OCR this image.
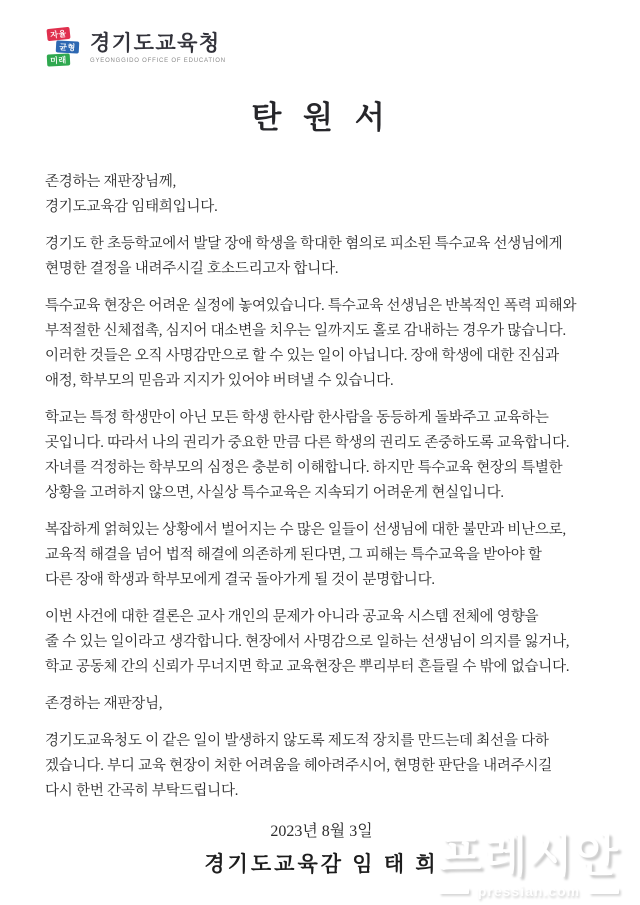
자율
균형
미래
경기도교육청
GYEONGGIDO OFFICE OF EDUCATION
탄 원 서
존경하는 재판장님께,
경기도교육감 임태희입니다.
경기도 한 초등학교에서 발달 장애 학생을 학대한 혐의로 피소된 특수교육 선생님에게
현명한 결정을 내려주시길 호소드리고자 합니다.
특수교육 현장은 어려운 실정에 놓여있습니다. 특수교육 선생님은 반복적인 폭력 피해와
부적절한 신체접촉, 심지어 대소변을 치우는 일까지도 홀로 감내하는 경우가 많습니다.
이러한 것들은 오직 사명감만으로 할 수 있는 일이 아닙니다. 장애 학생에 대한 진심과
애정, 학부모의 믿음과 지지가 있어야 버텨낼 수 있습니다.
학교는 특정 학생만이 아닌 모든 학생 한사람 한사람을 동등하게 돌봐주고 교육하는
곳입니다. 따라서 나의 권리가 중요한 만큼 다른 학생의 권리도 존중하도록 교육합니다.
자녀를 걱정하는 학부모의 심정은 충분히 이해합니다. 하지만 특수교육 현장의 특별한
상황을 고려하지 않으면, 사실상 특수교육은 지속되기 어려운게 현실입니다.
복잡하게 얽혀있는 상황에서 벌어지는 수 많은 일들이 선생님에 대한 불만과 비난으로,
교육적 해결을 넘어 법적 해결에 의존하게 된다면, 그 피해는 특수교육을 받아야 할
다른 장애 학생과 학부모에게 결국 돌아가게 될 것이 분명합니다.
이번 사건에 대한 결론은 교사 개인의 문제가 아니라 공교육 시스템 전체에 영향을
줄 수 있는 일이라고 생각합니다. 현장에서 사명감으로 일하는 선생님이 의지를 잃거나,
학교 공동체 간의 신뢰가 무너지면 학교 교육현장은 뿌리부터 흔들릴 수 밖에 없습니다.
존경하는 재판장님,
경기도교육청도 이 같은 일이 발생하지 않도록 제도적 장치를 만드는데 최선을 다하
겠습니다. 부디 교육 현장이 처한 어려움을 헤아려주시어, 현명한 판단을 내려주시길
다시 한번 간곡히 부탁드립니다.
2023년 8월 3일
경기도교육감 임 태 희 프레시안
pressian.com
